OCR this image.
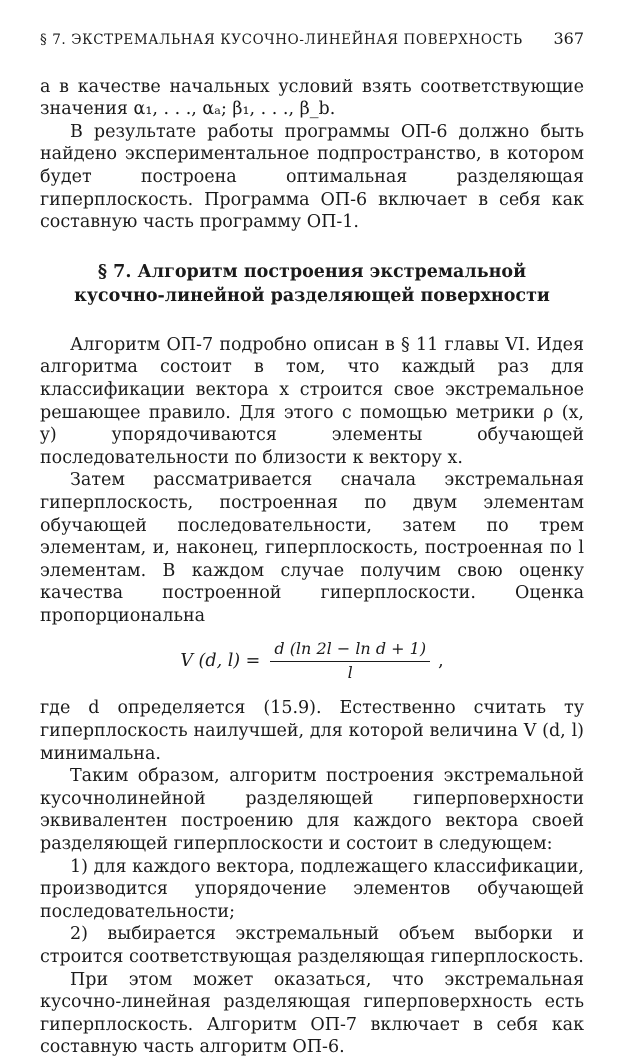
§ 7. ЭКСТРЕМАЛЬНАЯ КУСОЧНО-ЛИНЕЙНАЯ ПОВЕРХНОСТЬ 367

а в качестве начальных условий взять соответствующие значения α₁, . . ., αₐ; β₁, . . ., β_b.

В результате работы программы ОП-6 должно быть найдено экспериментальное подпространство, в котором будет построена оптимальная разделяющая гиперплоскость. Программа ОП-6 включает в себя как составную часть программу ОП-1.

§ 7. Алгоритм построения экстремальной
кусочно-линейной разделяющей поверхности

Алгоритм ОП-7 подробно описан в § 11 главы VI. Идея алгоритма состоит в том, что каждый раз для классификации вектора x строится свое экстремальное решающее правило. Для этого с помощью метрики ρ (x, y) упорядочиваются элементы обучающей последовательности по близости к вектору x.

Затем рассматривается сначала экстремальная гиперплоскость, построенная по двум элементам обучающей последовательности, затем по трем элементам, и, наконец, гиперплоскость, построенная по l элементам. В каждом случае получим свою оценку качества построенной гиперплоскости. Оценка пропорциональна

V (d, $l) = \frac{\text{d (ln 2l − ln d + 1)}}{l}$ ,

где d определяется (15.9). Естественно считать ту гиперплоскость наилучшей, для которой величина V (d, l) минимальна.

Таким образом, алгоритм построения экстремальной кусочнолинейной разделяющей гиперповерхности эквивалентен построению для каждого вектора своей разделяющей гиперплоскости и состоит в следующем:

1) для каждого вектора, подлежащего классификации, производится упорядочение элементов обучающей последовательности;

2) выбирается экстремальный объем выборки и строится соответствующая разделяющая гиперплоскость.

При этом может оказаться, что экстремальная кусочно-линейная разделяющая гиперповерхность есть гиперплоскость. Алгоритм ОП-7 включает в себя как составную часть алгоритм ОП-6.
